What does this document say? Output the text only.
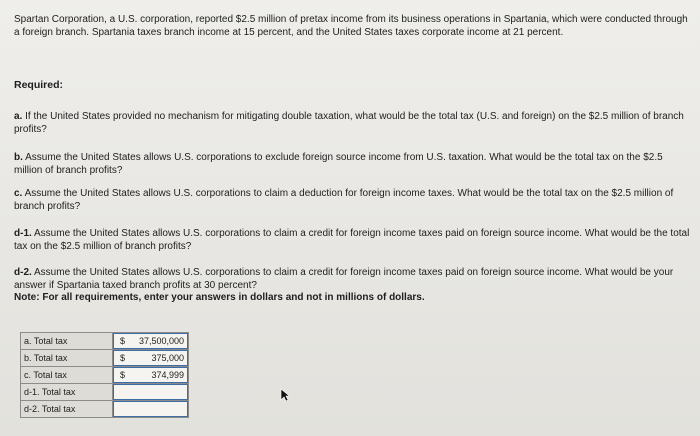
Spartan Corporation, a U.S. corporation, reported $2.5 million of pretax income from its business operations in Spartania, which were conducted through a foreign branch. Spartania taxes branch income at 15 percent, and the United States taxes corporate income at 21 percent.

Required:

a. If the United States provided no mechanism for mitigating double taxation, what would be the total tax (U.S. and foreign) on the $2.5 million of branch profits?

b. Assume the United States allows U.S. corporations to exclude foreign source income from U.S. taxation. What would be the total tax on the $2.5 million of branch profits?

c. Assume the United States allows U.S. corporations to claim a deduction for foreign income taxes. What would be the total tax on the $2.5 million of branch profits?

d-1. Assume the United States allows U.S. corporations to claim a credit for foreign income taxes paid on foreign source income. What would be the total tax on the $2.5 million of branch profits?

d-2. Assume the United States allows U.S. corporations to claim a credit for foreign income taxes paid on foreign source income. What would be your answer if Spartania taxed branch profits at 30 percent?

Note: For all requirements, enter your answers in dollars and not in millions of dollars.

a. Total tax	$ 37,500,000

b. Total tax	$ 375,000

c. Total tax	$ 374,999

d-1. Total tax	

d-2. Total tax	
